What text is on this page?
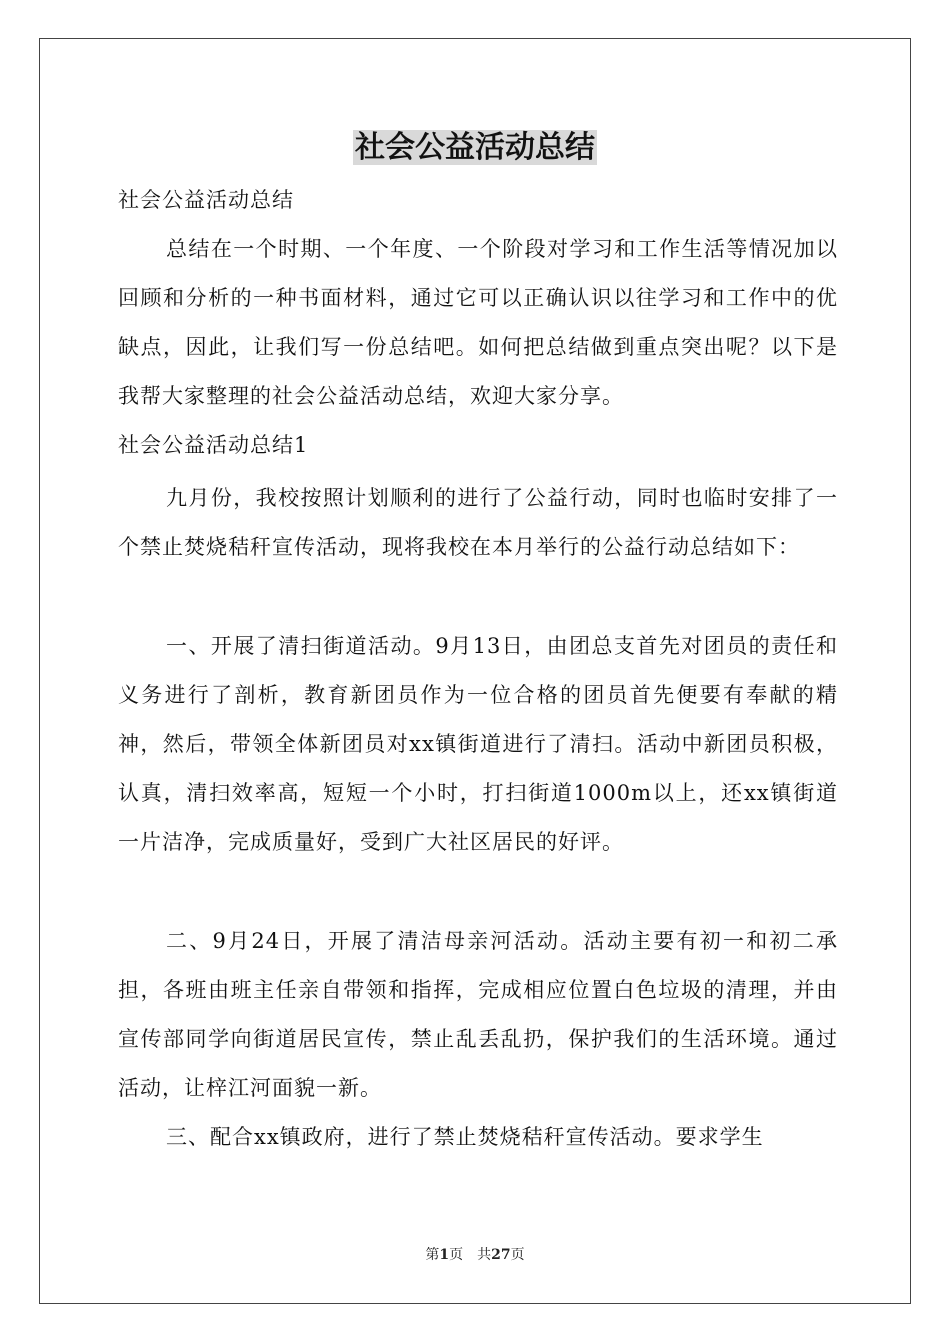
社会公益活动总结

社会公益活动总结

总结在一个时期、一个年度、一个阶段对学习和工作生活等情况加以回顾和分析的一种书面材料，通过它可以正确认识以往学习和工作中的优缺点，因此，让我们写一份总结吧。如何把总结做到重点突出呢？以下是我帮大家整理的社会公益活动总结，欢迎大家分享。

社会公益活动总结1

九月份，我校按照计划顺利的进行了公益行动，同时也临时安排了一个禁止焚烧秸秆宣传活动，现将我校在本月举行的公益行动总结如下：

一、开展了清扫街道活动。9月13日，由团总支首先对团员的责任和义务进行了剖析，教育新团员作为一位合格的团员首先便要有奉献的精神，然后，带领全体新团员对xx镇街道进行了清扫。活动中新团员积极，认真，清扫效率高，短短一个小时，打扫街道1000m以上，还xx镇街道一片洁净，完成质量好，受到广大社区居民的好评。

二、9月24日，开展了清洁母亲河活动。活动主要有初一和初二承担，各班由班主任亲自带领和指挥，完成相应位置白色垃圾的清理，并由宣传部同学向街道居民宣传，禁止乱丢乱扔，保护我们的生活环境。通过活动，让梓江河面貌一新。

三、配合xx镇政府，进行了禁止焚烧秸秆宣传活动。要求学生

第1页 共27页
